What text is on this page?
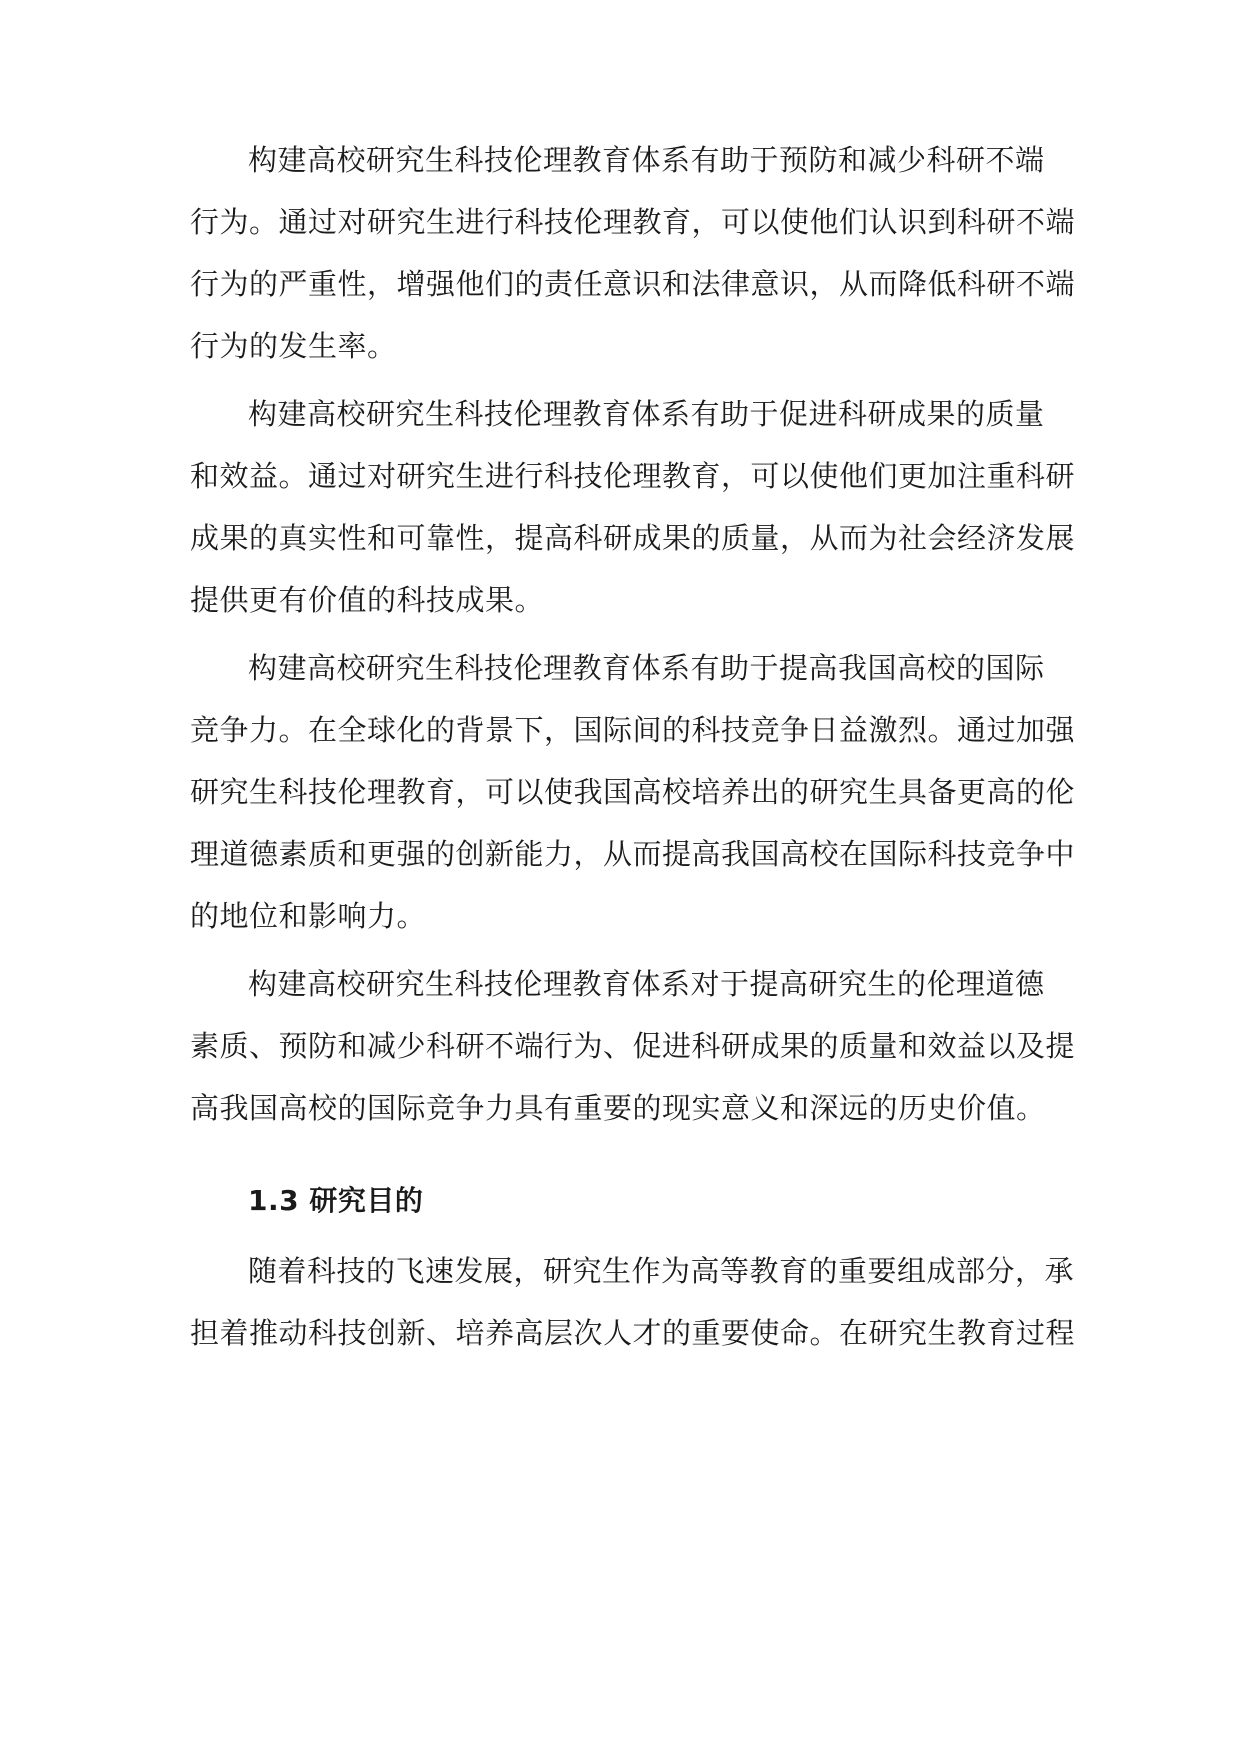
构建高校研究生科技伦理教育体系有助于预防和减少科研不端
行为。通过对研究生进行科技伦理教育，可以使他们认识到科研不端
行为的严重性，增强他们的责任意识和法律意识，从而降低科研不端
行为的发生率。
构建高校研究生科技伦理教育体系有助于促进科研成果的质量
和效益。通过对研究生进行科技伦理教育，可以使他们更加注重科研
成果的真实性和可靠性，提高科研成果的质量，从而为社会经济发展
提供更有价值的科技成果。
构建高校研究生科技伦理教育体系有助于提高我国高校的国际
竞争力。在全球化的背景下，国际间的科技竞争日益激烈。通过加强
研究生科技伦理教育，可以使我国高校培养出的研究生具备更高的伦
理道德素质和更强的创新能力，从而提高我国高校在国际科技竞争中
的地位和影响力。
构建高校研究生科技伦理教育体系对于提高研究生的伦理道德
素质、预防和减少科研不端行为、促进科研成果的质量和效益以及提
高我国高校的国际竞争力具有重要的现实意义和深远的历史价值。
1.3 研究目的
随着科技的飞速发展，研究生作为高等教育的重要组成部分，承
担着推动科技创新、培养高层次人才的重要使命。在研究生教育过程
